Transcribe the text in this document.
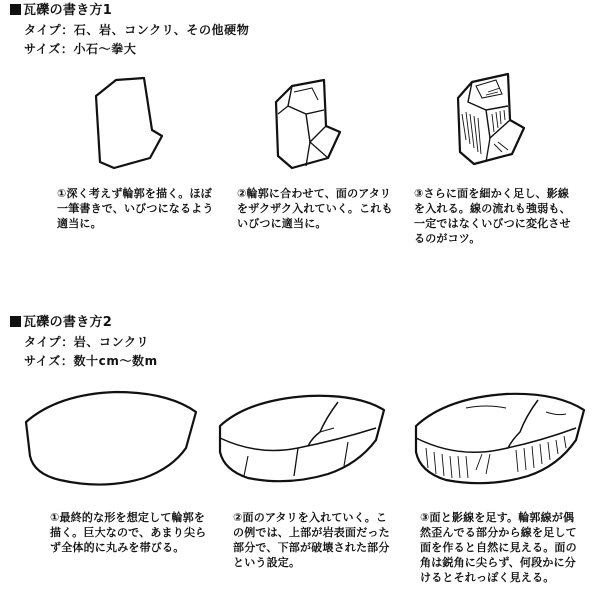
瓦礫の書き方1
タイプ：石、岩、コンクリ、その他硬物
サイズ：小石〜拳大
①深く考えず輪郭を描く。ほぼ
一筆書きで、いびつになるよう
適当に。
②輪郭に合わせて、面のアタリ
をザクザク入れていく。これも
いびつに適当に。
③さらに面を細かく足し、影線
を入れる。線の流れも強弱も、
一定ではなくいびつに変化させ
るのがコツ。
瓦礫の書き方2
タイプ：岩、コンクリ
サイズ：数十cm〜数m
①最終的な形を想定して輪郭を
描く。巨大なので、あまり尖ら
ず全体的に丸みを帯びる。
②面のアタリを入れていく。こ
の例では、上部が岩表面だった
部分で、下部が破壊された部分
という設定。
③面と影線を足す。輪郭線が偶
然歪んでる部分から線を足して
面を作ると自然に見える。面の
角は鋭角に尖らず、何段かに分
けるとそれっぽく見える。
